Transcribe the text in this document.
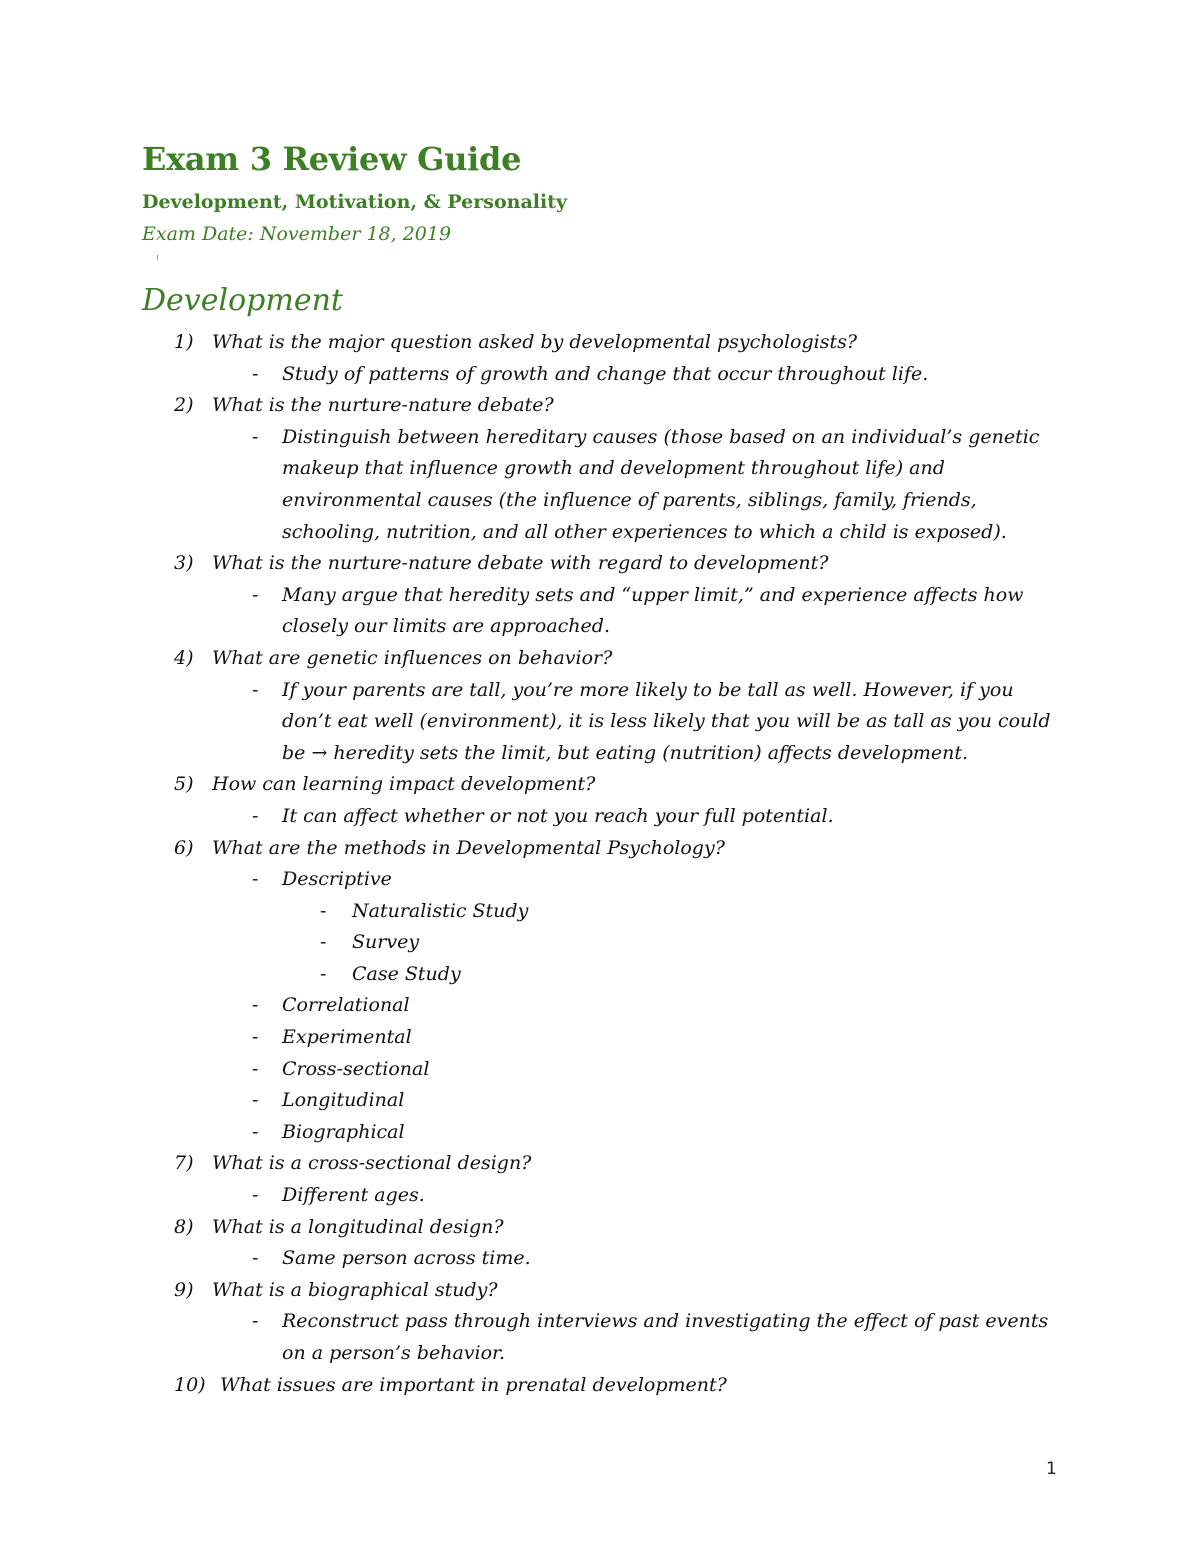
Exam 3 Review Guide
Development, Motivation, & Personality
Exam Date: November 18, 2019
Development
1) What is the major question asked by developmental psychologists?
- Study of patterns of growth and change that occur throughout life.
2) What is the nurture-nature debate?
- Distinguish between hereditary causes (those based on an individual’s genetic
makeup that influence growth and development throughout life) and
environmental causes (the influence of parents, siblings, family, friends,
schooling, nutrition, and all other experiences to which a child is exposed).
3) What is the nurture-nature debate with regard to development?
- Many argue that heredity sets and “upper limit,” and experience affects how
closely our limits are approached.
4) What are genetic influences on behavior?
- If your parents are tall, you’re more likely to be tall as well. However, if you
don’t eat well (environment), it is less likely that you will be as tall as you could
be → heredity sets the limit, but eating (nutrition) affects development.
5) How can learning impact development?
- It can affect whether or not you reach your full potential.
6) What are the methods in Developmental Psychology?
- Descriptive
- Naturalistic Study
- Survey
- Case Study
- Correlational
- Experimental
- Cross-sectional
- Longitudinal
- Biographical
7) What is a cross-sectional design?
- Different ages.
8) What is a longitudinal design?
- Same person across time.
9) What is a biographical study?
- Reconstruct pass through interviews and investigating the effect of past events
on a person’s behavior.
10) What issues are important in prenatal development?
1
